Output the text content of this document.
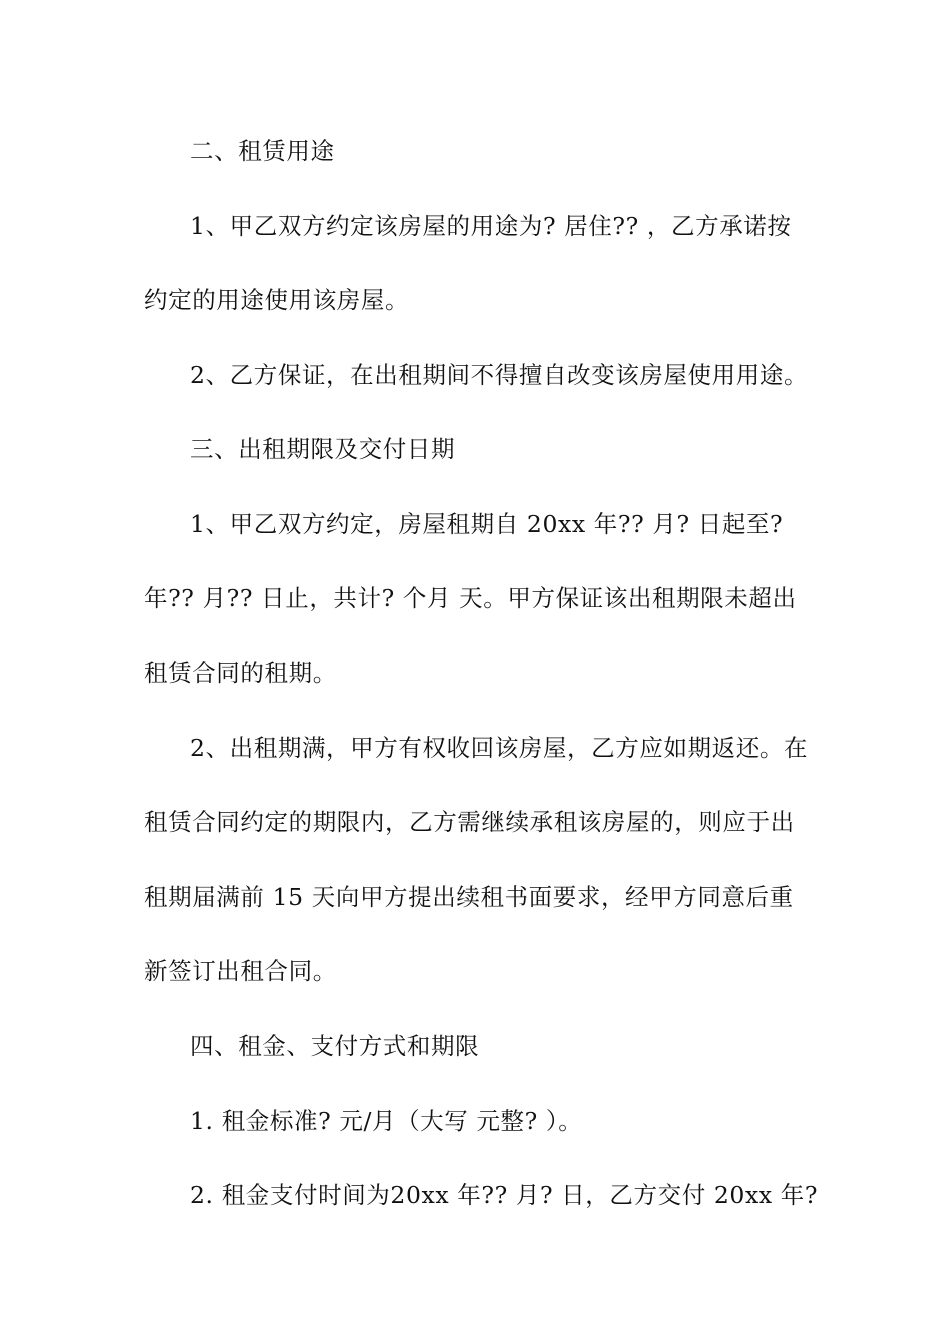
二、租赁用途
1、甲乙双方约定该房屋的用途为? 居住?? ，乙方承诺按
约定的用途使用该房屋。
2、乙方保证，在出租期间不得擅自改变该房屋使用用途。
三、出租期限及交付日期
1、甲乙双方约定，房屋租期自 20xx 年?? 月? 日起至?
年?? 月?? 日止，共计? 个月 天。甲方保证该出租期限未超出
租赁合同的租期。
2、出租期满，甲方有权收回该房屋，乙方应如期返还。在
租赁合同约定的期限内，乙方需继续承租该房屋的，则应于出
租期届满前 15 天向甲方提出续租书面要求，经甲方同意后重
新签订出租合同。
四、租金、支付方式和期限
1. 租金标准? 元/月（大写 元整? ）。
2. 租金支付时间为20xx 年?? 月? 日，乙方交付 20xx 年?
